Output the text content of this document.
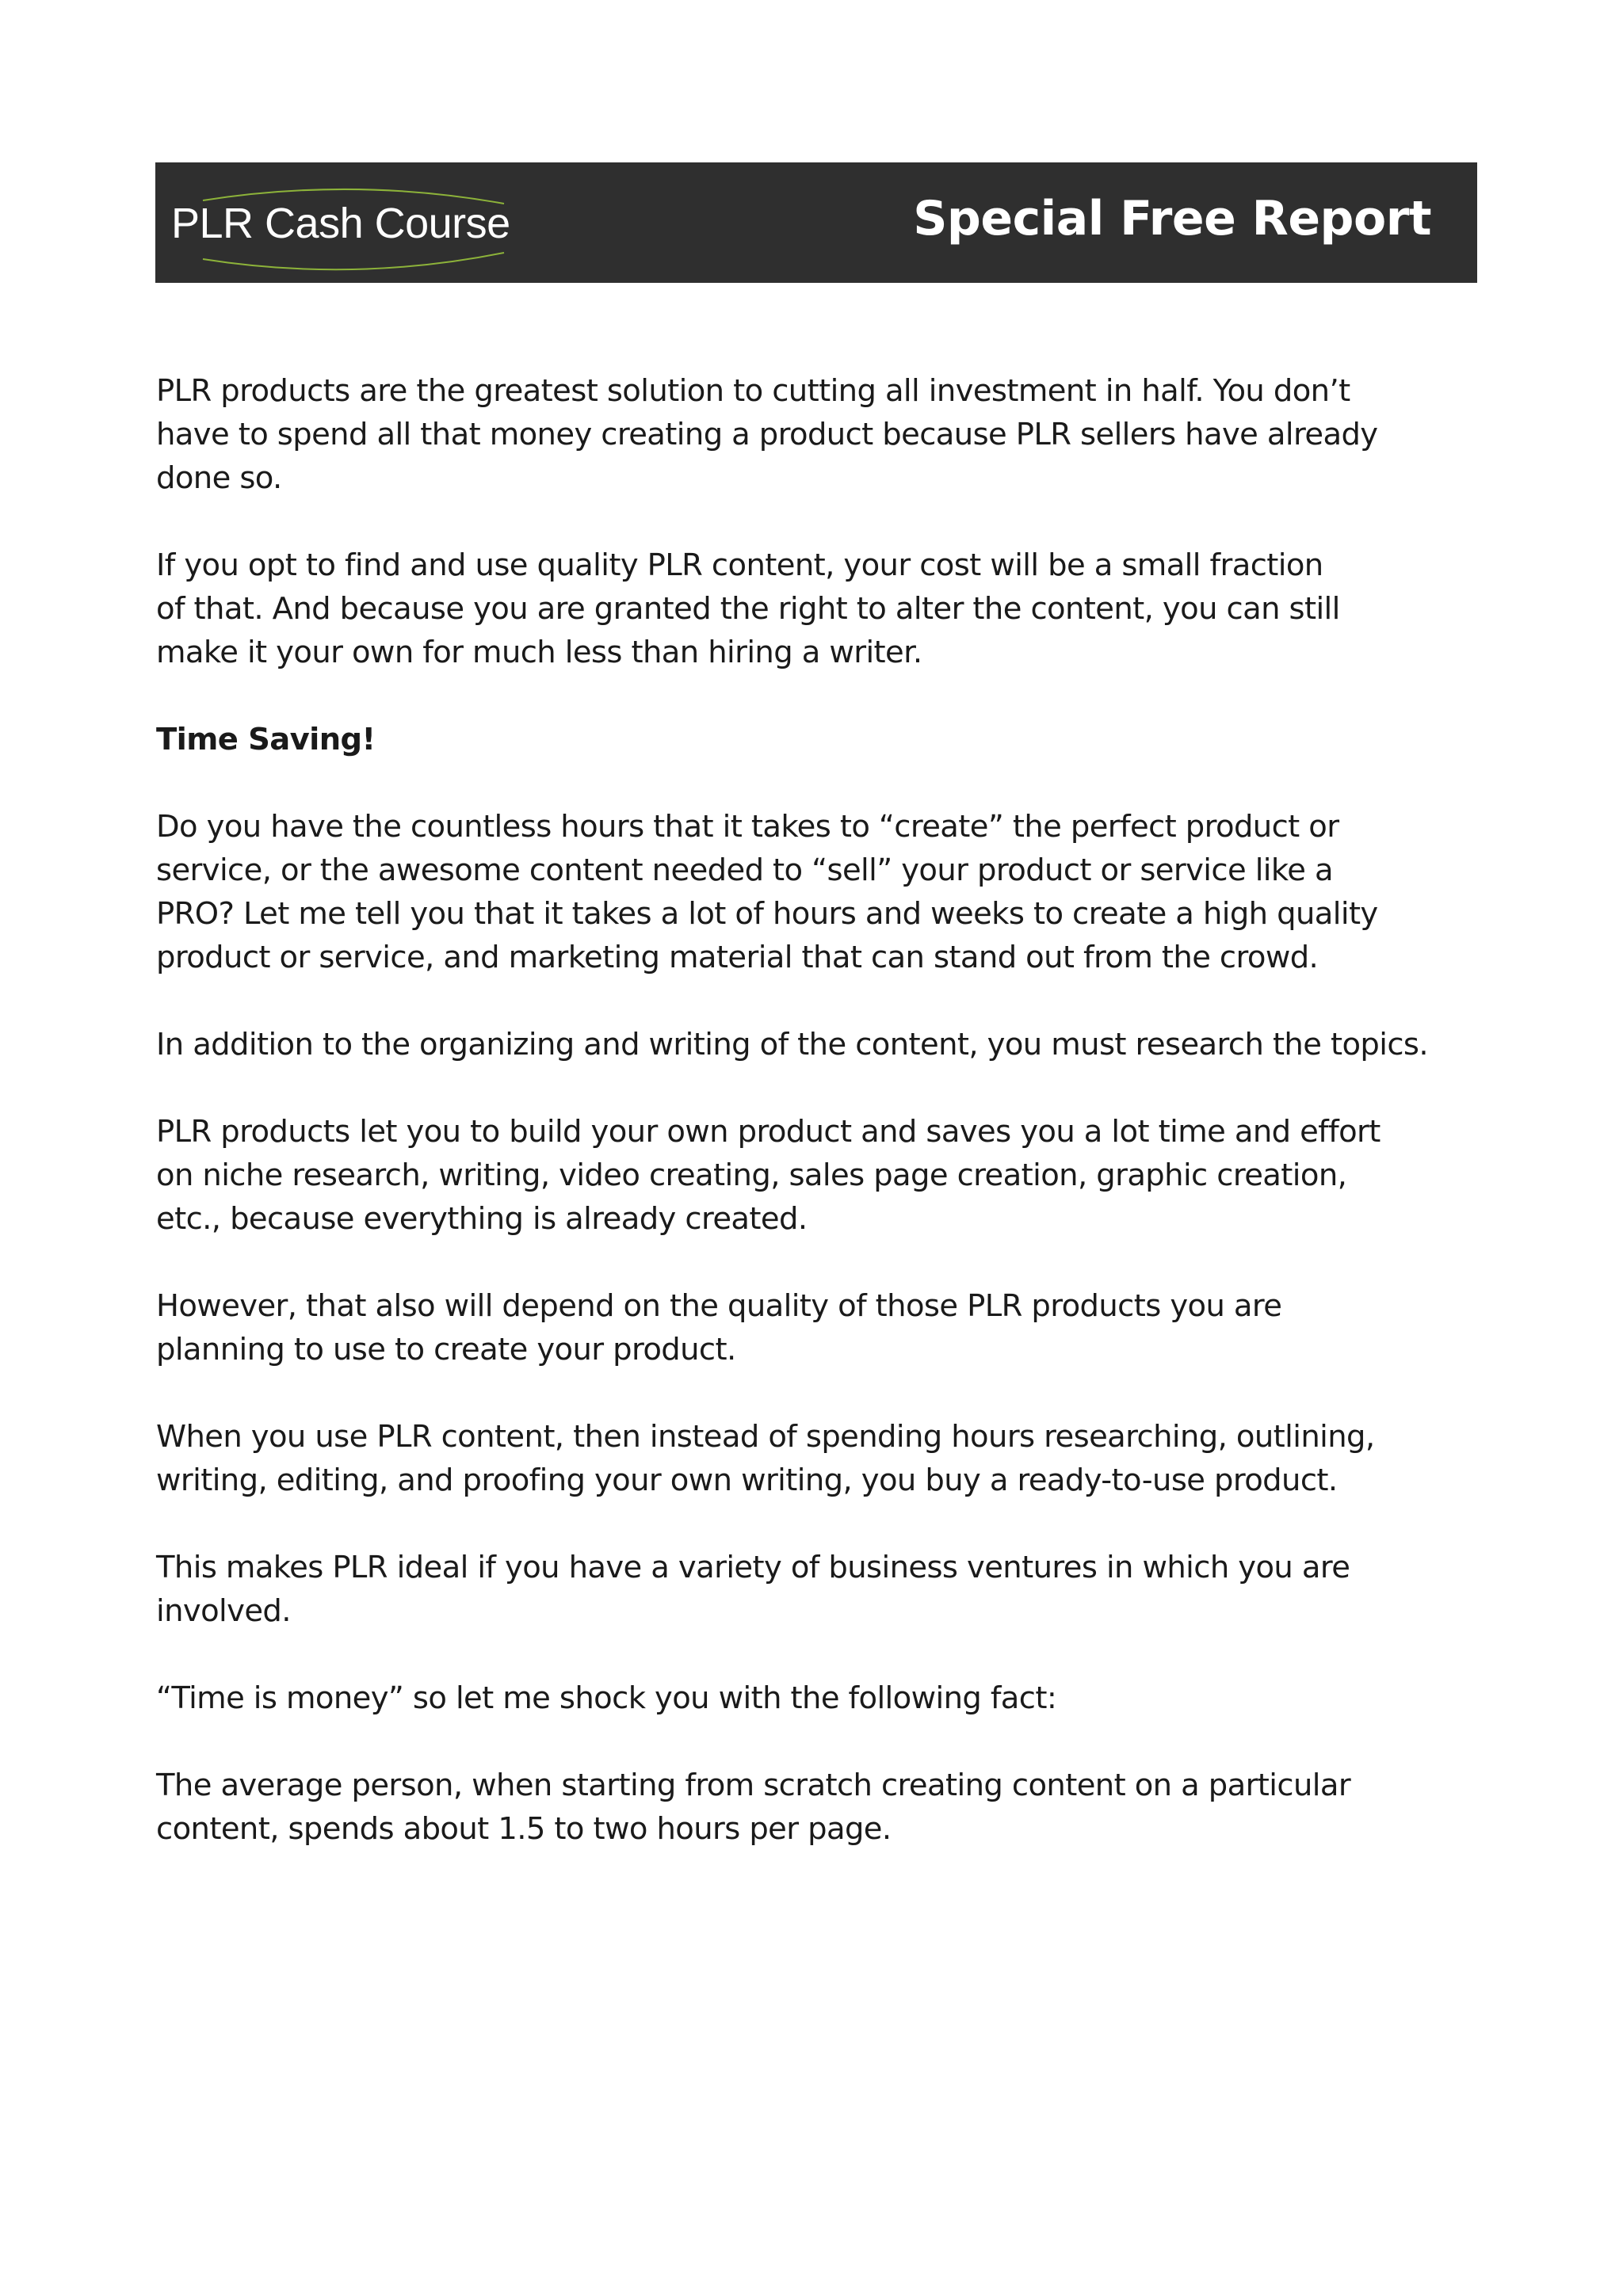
PLR Cash Course	Special Free Report

PLR products are the greatest solution to cutting all investment in half. You don’t
have to spend all that money creating a product because PLR sellers have already
done so.

If you opt to find and use quality PLR content, your cost will be a small fraction
of that. And because you are granted the right to alter the content, you can still
make it your own for much less than hiring a writer.

Time Saving!

Do you have the countless hours that it takes to “create” the perfect product or
service, or the awesome content needed to “sell” your product or service like a
PRO? Let me tell you that it takes a lot of hours and weeks to create a high quality
product or service, and marketing material that can stand out from the crowd.

In addition to the organizing and writing of the content, you must research the topics.

PLR products let you to build your own product and saves you a lot time and effort
on niche research, writing, video creating, sales page creation, graphic creation,
etc., because everything is already created.

However, that also will depend on the quality of those PLR products you are
planning to use to create your product.

When you use PLR content, then instead of spending hours researching, outlining,
writing, editing, and proofing your own writing, you buy a ready-to-use product.

This makes PLR ideal if you have a variety of business ventures in which you are
involved.

“Time is money” so let me shock you with the following fact:

The average person, when starting from scratch creating content on a particular
content, spends about 1.5 to two hours per page.
